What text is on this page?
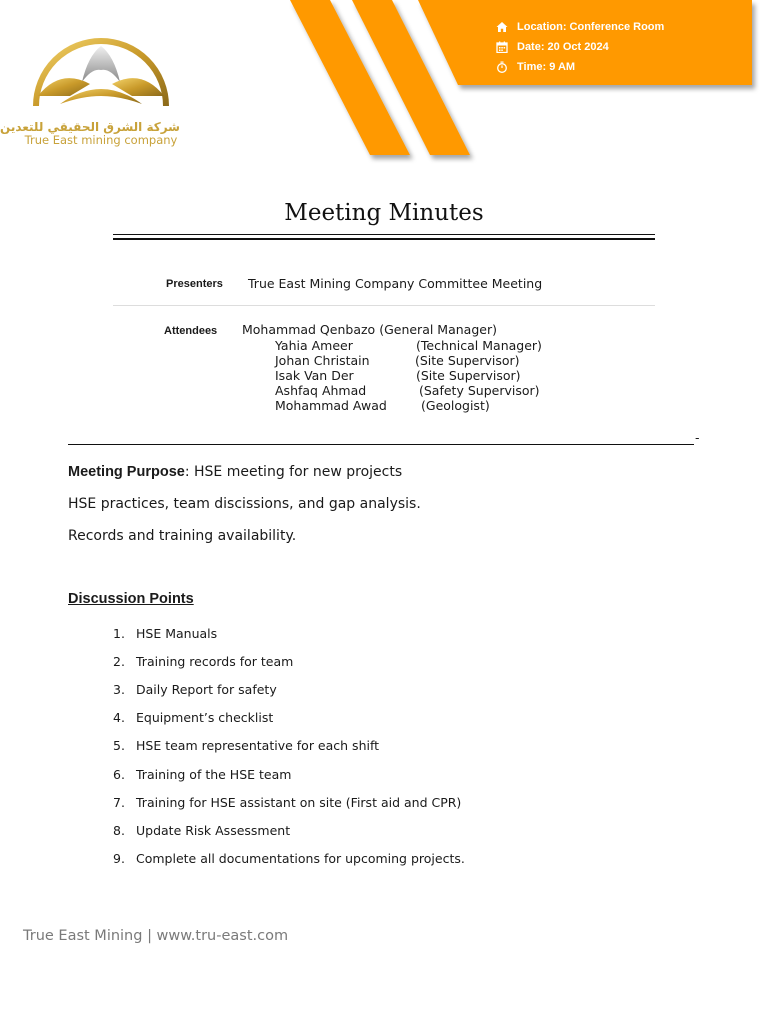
Location: Conference Room
Date: 20 Oct 2024
Time: 9 AM
شركة الشرق الحقيقي للتعدين
True East mining company
Meeting Minutes
Presenters True East Mining Company Committee Meeting
Attendees Mohammad Qenbazo (General Manager)
Yahia Ameer	(Technical Manager)
Johan Christain	(Site Supervisor)
Isak Van Der	(Site Supervisor)
Ashfaq Ahmad	(Safety Supervisor)
Mohammad Awad	(Geologist)
-
Meeting Purpose: HSE meeting for new projects
HSE practices, team discissions, and gap analysis.
Records and training availability.
Discussion Points
1. HSE Manuals
2. Training records for team
3. Daily Report for safety
4. Equipment’s checklist
5. HSE team representative for each shift
6. Training of the HSE team
7. Training for HSE assistant on site (First aid and CPR)
8. Update Risk Assessment
9. Complete all documentations for upcoming projects.
True East Mining | www.tru-east.com
